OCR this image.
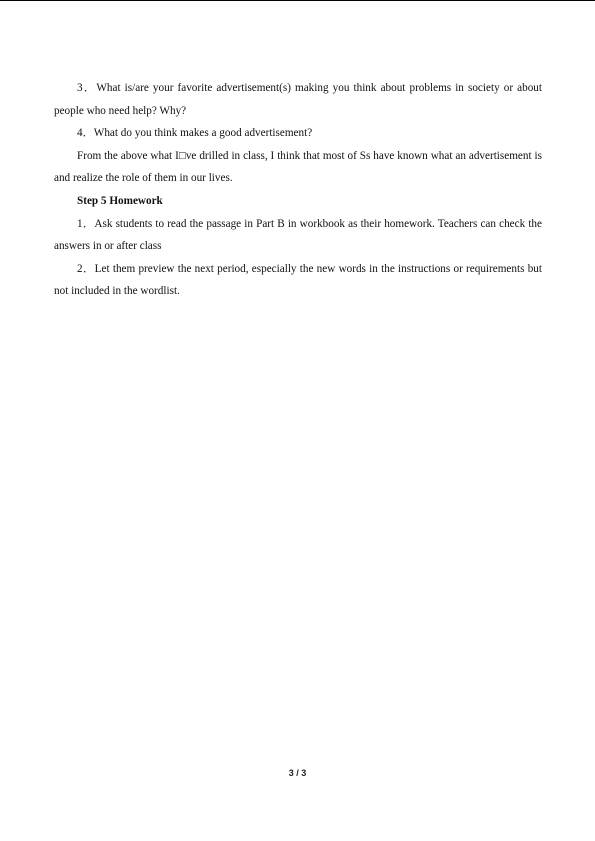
3．What is/are your favorite advertisement(s) making you think about problems in society or about people who need help? Why?

4．What do you think makes a good advertisement?

From the above what I□ve drilled in class, I think that most of Ss have known what an advertisement is and realize the role of them in our lives.

Step 5 Homework

1．Ask students to read the passage in Part B in workbook as their homework. Teachers can check the answers in or after class

2．Let them preview the next period, especially the new words in the instructions or requirements but not included in the wordlist.

3 / 3
